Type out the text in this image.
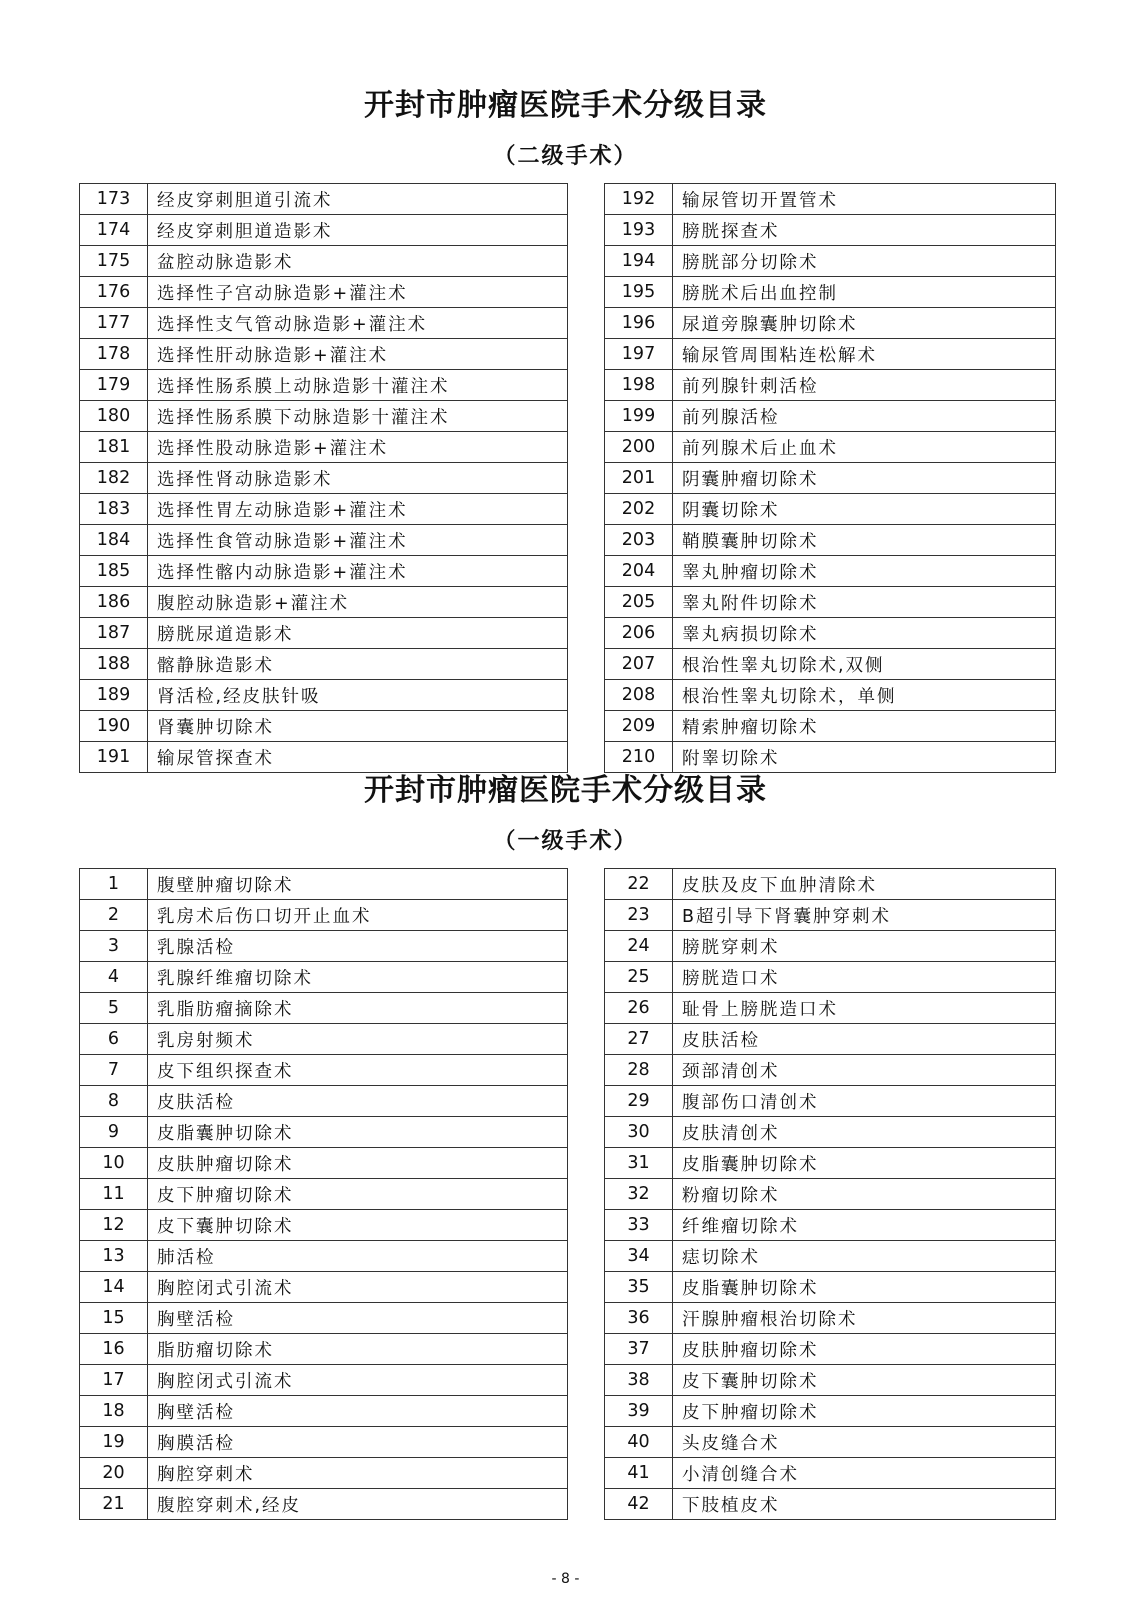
开封市肿瘤医院手术分级目录
（二级手术）
173	经皮穿刺胆道引流术
174	经皮穿刺胆道造影术
175	盆腔动脉造影术
176	选择性子宫动脉造影+灌注术
177	选择性支气管动脉造影+灌注术
178	选择性肝动脉造影+灌注术
179	选择性肠系膜上动脉造影十灌注术
180	选择性肠系膜下动脉造影十灌注术
181	选择性股动脉造影+灌注术
182	选择性肾动脉造影术
183	选择性胃左动脉造影+灌注术
184	选择性食管动脉造影+灌注术
185	选择性髂内动脉造影+灌注术
186	腹腔动脉造影+灌注术
187	膀胱尿道造影术
188	髂静脉造影术
189	肾活检,经皮肤针吸
190	肾囊肿切除术
191	输尿管探查术
192	输尿管切开置管术
193	膀胱探查术
194	膀胱部分切除术
195	膀胱术后出血控制
196	尿道旁腺囊肿切除术
197	输尿管周围粘连松解术
198	前列腺针刺活检
199	前列腺活检
200	前列腺术后止血术
201	阴囊肿瘤切除术
202	阴囊切除术
203	鞘膜囊肿切除术
204	睾丸肿瘤切除术
205	睾丸附件切除术
206	睾丸病损切除术
207	根治性睾丸切除术,双侧
208	根治性睾丸切除术，单侧
209	精索肿瘤切除术
210	附睾切除术
开封市肿瘤医院手术分级目录
（一级手术）
1	腹壁肿瘤切除术
2	乳房术后伤口切开止血术
3	乳腺活检
4	乳腺纤维瘤切除术
5	乳脂肪瘤摘除术
6	乳房射频术
7	皮下组织探查术
8	皮肤活检
9	皮脂囊肿切除术
10	皮肤肿瘤切除术
11	皮下肿瘤切除术
12	皮下囊肿切除术
13	肺活检
14	胸腔闭式引流术
15	胸壁活检
16	脂肪瘤切除术
17	胸腔闭式引流术
18	胸壁活检
19	胸膜活检
20	胸腔穿刺术
21	腹腔穿刺术,经皮
22	皮肤及皮下血肿清除术
23	B超引导下肾囊肿穿刺术
24	膀胱穿刺术
25	膀胱造口术
26	耻骨上膀胱造口术
27	皮肤活检
28	颈部清创术
29	腹部伤口清创术
30	皮肤清创术
31	皮脂囊肿切除术
32	粉瘤切除术
33	纤维瘤切除术
34	痣切除术
35	皮脂囊肿切除术
36	汗腺肿瘤根治切除术
37	皮肤肿瘤切除术
38	皮下囊肿切除术
39	皮下肿瘤切除术
40	头皮缝合术
41	小清创缝合术
42	下肢植皮术
- 8 -
